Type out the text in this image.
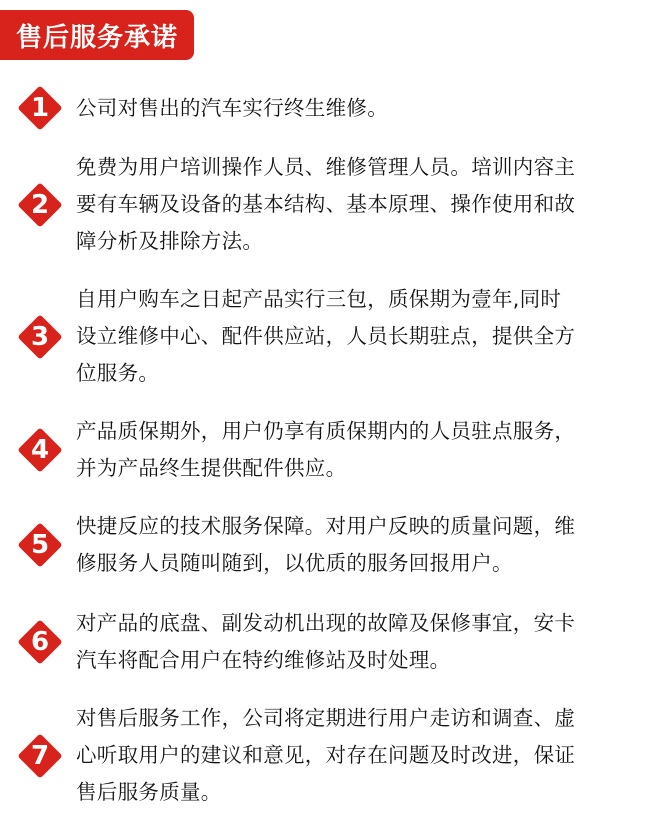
售后服务承诺
1	公司对售出的汽车实行终生维修。
2
免费为用户培训操作人员、维修管理人员。培训内容主
要有车辆及设备的基本结构、基本原理、操作使用和故
障分析及排除方法。
3
自用户购车之日起产品实行三包，质保期为壹年,同时
设立维修中心、配件供应站，人员长期驻点，提供全方
位服务。
4
产品质保期外，用户仍享有质保期内的人员驻点服务，
并为产品终生提供配件供应。
5
快捷反应的技术服务保障。对用户反映的质量问题，维
修服务人员随叫随到，以优质的服务回报用户。
6
对产品的底盘、副发动机出现的故障及保修事宜，安卡
汽车将配合用户在特约维修站及时处理。
7
对售后服务工作，公司将定期进行用户走访和调查、虚
心听取用户的建议和意见，对存在问题及时改进，保证
售后服务质量。
